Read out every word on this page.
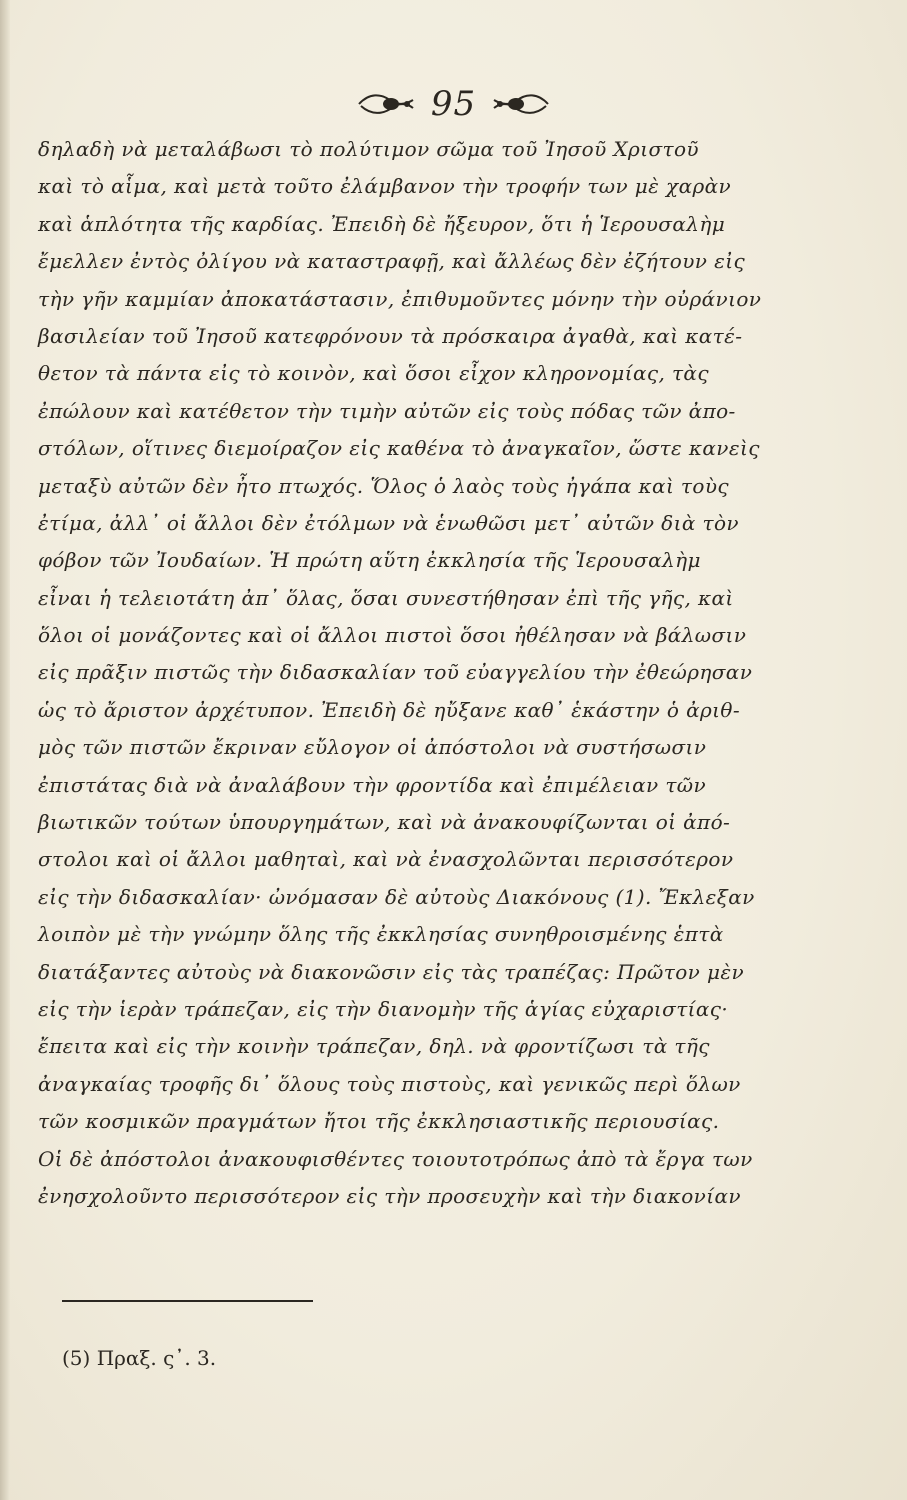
95
δηλαδὴ νὰ μεταλάβωσι τὸ πολύτιμον σῶμα τοῦ Ἰησοῦ Χριστοῦ
καὶ τὸ αἷμα, καὶ μετὰ τοῦτο ἐλάμβανον τὴν τροφήν των μὲ χαρὰν
καὶ ἁπλότητα τῆς καρδίας. Ἐπειδὴ δὲ ἤξευρον, ὅτι ἡ Ἱερουσαλὴμ
ἔμελλεν ἐντὸς ὀλίγου νὰ καταστραφῇ, καὶ ἄλλέως δὲν ἐζήτουν εἰς
τὴν γῆν καμμίαν ἀποκατάστασιν, ἐπιθυμοῦντες μόνην τὴν οὐράνιον
βασιλείαν τοῦ Ἰησοῦ κατεφρόνουν τὰ πρόσκαιρα ἀγαθὰ, καὶ κατέ-
θετον τὰ πάντα εἰς τὸ κοινὸν, καὶ ὅσοι εἶχον κληρονομίας, τὰς
ἐπώλουν καὶ κατέθετον τὴν τιμὴν αὐτῶν εἰς τοὺς πόδας τῶν ἀπο-
στόλων, οἵτινες διεμοίραζον εἰς καθένα τὸ ἀναγκαῖον, ὥστε κανεὶς
μεταξὺ αὐτῶν δὲν ἦτο πτωχός. Ὅλος ὁ λαὸς τοὺς ἠγάπα καὶ τοὺς
ἐτίμα, ἀλλ᾽ οἱ ἄλλοι δὲν ἐτόλμων νὰ ἑνωθῶσι μετ᾽ αὐτῶν διὰ τὸν
φόβον τῶν Ἰουδαίων. Ἡ πρώτη αὕτη ἐκκλησία τῆς Ἱερουσαλὴμ
εἶναι ἡ τελειοτάτη ἀπ᾽ ὅλας, ὅσαι συνεστήθησαν ἐπὶ τῆς γῆς, καὶ
ὅλοι οἱ μονάζοντες καὶ οἱ ἄλλοι πιστοὶ ὅσοι ἠθέλησαν νὰ βάλωσιν
εἰς πρᾶξιν πιστῶς τὴν διδασκαλίαν τοῦ εὐαγγελίου τὴν ἐθεώρησαν
ὡς τὸ ἄριστον ἀρχέτυπον. Ἐπειδὴ δὲ ηὔξανε καθ᾽ ἑκάστην ὁ ἀριθ-
μὸς τῶν πιστῶν ἔκριναν εὔλογον οἱ ἀπόστολοι νὰ συστήσωσιν
ἐπιστάτας διὰ νὰ ἀναλάβουν τὴν φροντίδα καὶ ἐπιμέλειαν τῶν
βιωτικῶν τούτων ὑπουργημάτων, καὶ νὰ ἀνακουφίζωνται οἱ ἀπό-
στολοι καὶ οἱ ἄλλοι μαθηταὶ, καὶ νὰ ἐνασχολῶνται περισσότερον
εἰς τὴν διδασκαλίαν· ὠνόμασαν δὲ αὐτοὺς Διακόνους (1). Ἔκλεξαν
λοιπὸν μὲ τὴν γνώμην ὅλης τῆς ἐκκλησίας συνηθροισμένης ἑπτὰ
διατάξαντες αὐτοὺς νὰ διακονῶσιν εἰς τὰς τραπέζας: Πρῶτον μὲν
εἰς τὴν ἱερὰν τράπεζαν, εἰς τὴν διανομὴν τῆς ἁγίας εὐχαριστίας·
ἔπειτα καὶ εἰς τὴν κοινὴν τράπεζαν, δηλ. νὰ φροντίζωσι τὰ τῆς
ἀναγκαίας τροφῆς δι᾽ ὅλους τοὺς πιστοὺς, καὶ γενικῶς περὶ ὅλων
τῶν κοσμικῶν πραγμάτων ἤτοι τῆς ἐκκλησιαστικῆς περιουσίας.
Οἱ δὲ ἀπόστολοι ἀνακουφισθέντες τοιουτοτρόπως ἀπὸ τὰ ἔργα των
ἐνησχολοῦντο περισσότερον εἰς τὴν προσευχὴν καὶ τὴν διακονίαν
(5) Πραξ. ς᾽. 3.
